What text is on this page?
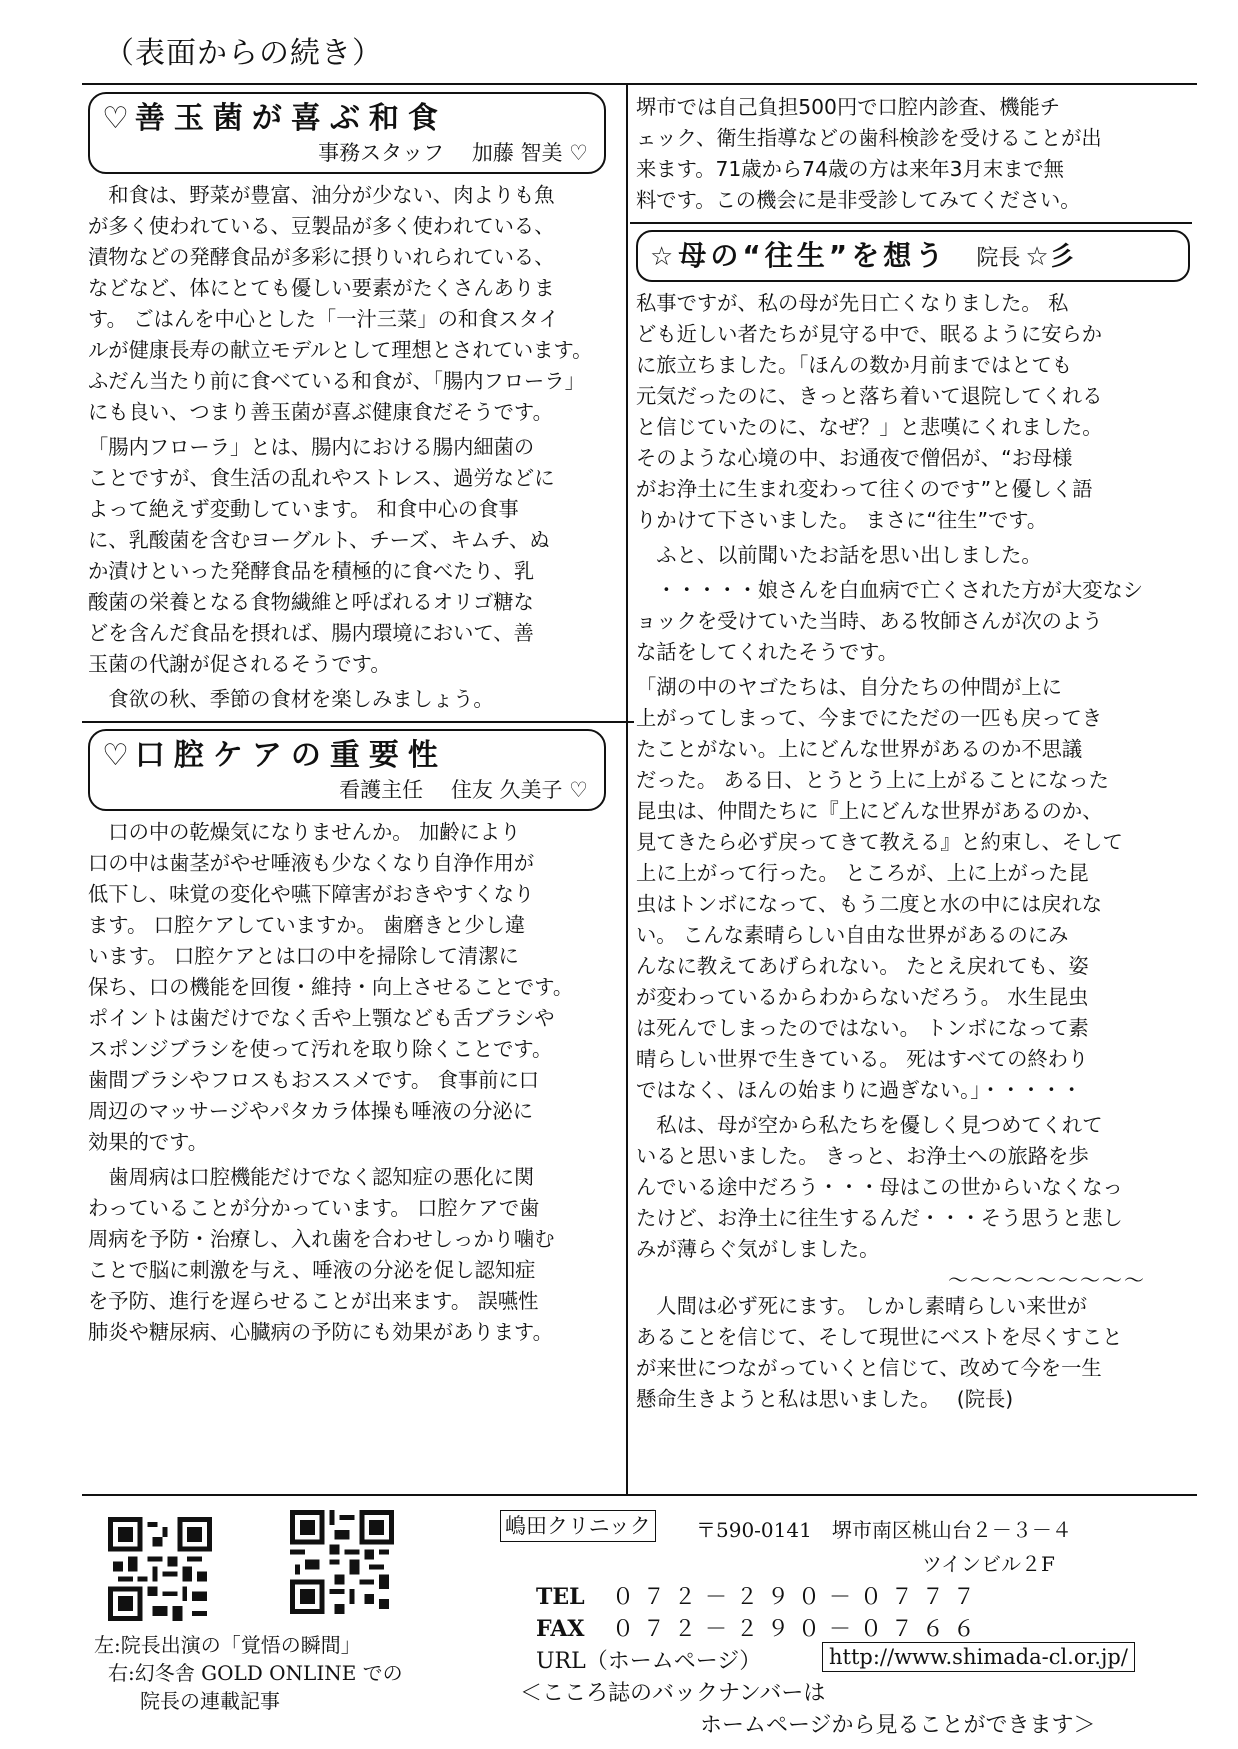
（表面からの続き）
♡ 善玉菌が喜ぶ和食
事務スタッフ　 加藤 智美 ♡
　和食は、野菜が豊富、油分が少ない、肉よりも魚
が多く使われている、豆製品が多く使われている、
漬物などの発酵食品が多彩に摂りいれられている、
などなど、体にとても優しい要素がたくさんありま
す。 ごはんを中心とした「一汁三菜」の和食スタイ
ルが健康長寿の献立モデルとして理想とされています。
ふだん当たり前に食べている和食が、「腸内フローラ」
にも良い、つまり善玉菌が喜ぶ健康食だそうです。
「腸内フローラ」とは、腸内における腸内細菌の
ことですが、食生活の乱れやストレス、過労などに
よって絶えず変動しています。 和食中心の食事
に、乳酸菌を含むヨーグルト、チーズ、キムチ、ぬ
か漬けといった発酵食品を積極的に食べたり、乳
酸菌の栄養となる食物繊維と呼ばれるオリゴ糖な
どを含んだ食品を摂れば、腸内環境において、善
玉菌の代謝が促されるそうです。
　食欲の秋、季節の食材を楽しみましょう。
♡ 口腔ケアの重要性
看護主任　 住友 久美子 ♡
　口の中の乾燥気になりませんか。 加齢により
口の中は歯茎がやせ唾液も少なくなり自浄作用が
低下し、味覚の変化や嚥下障害がおきやすくなり
ます。 口腔ケアしていますか。 歯磨きと少し違
います。 口腔ケアとは口の中を掃除して清潔に
保ち、口の機能を回復・維持・向上させることです。
ポイントは歯だけでなく舌や上顎なども舌ブラシや
スポンジブラシを使って汚れを取り除くことです。
歯間ブラシやフロスもおススメです。 食事前に口
周辺のマッサージやパタカラ体操も唾液の分泌に
効果的です。
　歯周病は口腔機能だけでなく認知症の悪化に関
わっていることが分かっています。 口腔ケアで歯
周病を予防・治療し、入れ歯を合わせしっかり噛む
ことで脳に刺激を与え、唾液の分泌を促し認知症
を予防、進行を遅らせることが出来ます。 誤嚥性
肺炎や糖尿病、心臓病の予防にも効果があります。
堺市では自己負担500円で口腔内診査、機能チ
ェック、衛生指導などの歯科検診を受けることが出
来ます。71歳から74歳の方は来年3月末まで無
料です。この機会に是非受診してみてください。
☆ 母の“往生”を想う 院長 ☆彡
私事ですが、私の母が先日亡くなりました。 私
ども近しい者たちが見守る中で、眠るように安らか
に旅立ちました。「ほんの数か月前まではとても
元気だったのに、きっと落ち着いて退院してくれる
と信じていたのに、なぜ？」と悲嘆にくれました。
そのような心境の中、お通夜で僧侶が、“お母様
がお浄土に生まれ変わって往くのです”と優しく語
りかけて下さいました。 まさに“往生”です。
　ふと、以前聞いたお話を思い出しました。
　・・・・・娘さんを白血病で亡くされた方が大変なシ
ョックを受けていた当時、ある牧師さんが次のよう
な話をしてくれたそうです。
「湖の中のヤゴたちは、自分たちの仲間が上に
上がってしまって、今までにただの一匹も戻ってき
たことがない。上にどんな世界があるのか不思議
だった。 ある日、とうとう上に上がることになった
昆虫は、仲間たちに『上にどんな世界があるのか、
見てきたら必ず戻ってきて教える』と約束し、そして
上に上がって行った。 ところが、上に上がった昆
虫はトンボになって、もう二度と水の中には戻れな
い。 こんな素晴らしい自由な世界があるのにみ
んなに教えてあげられない。 たとえ戻れても、姿
が変わっているからわからないだろう。 水生昆虫
は死んでしまったのではない。 トンボになって素
晴らしい世界で生きている。 死はすべての終わり
ではなく、ほんの始まりに過ぎない。」・・・・・
　私は、母が空から私たちを優しく見つめてくれて
いると思いました。 きっと、お浄土への旅路を歩
んでいる途中だろう・・・母はこの世からいなくなっ
たけど、お浄土に往生するんだ・・・そう思うと悲し
みが薄らぐ気がしました。
～～～～～～～～～
　人間は必ず死にます。 しかし素晴らしい来世が
あることを信じて、そして現世にベストを尽くすこと
が来世につながっていくと信じて、改めて今を一生
懸命生きようと私は思いました。　 (院長)
左:院長出演の「覚悟の瞬間」
右:幻冬舎 GOLD ONLINE での
院長の連載記事
嶋田クリニック 〒590-0141　堺市南区桃山台２－３－４
ツインビル２F
TEL ０７２－２９０－０７７７
FAX ０７２－２９０－０７６６
URL（ホームページ）	http://www.shimada-cl.or.jp/
＜こころ誌のバックナンバーは
ホームページから見ることができます＞
